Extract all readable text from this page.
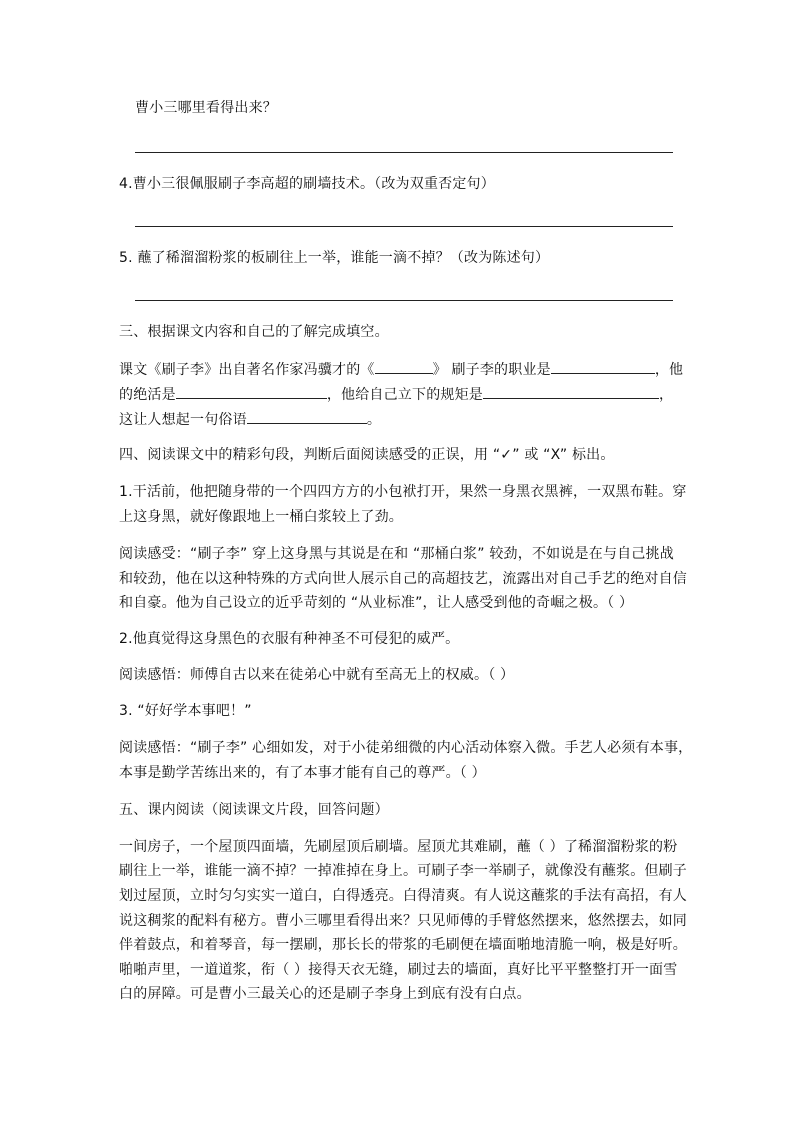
曹小三哪里看得出来？
4.曹小三很佩服刷子李高超的刷墙技术。（改为双重否定句）
5. 蘸了稀溜溜粉浆的板刷往上一举，谁能一滴不掉？（改为陈述句）
三、根据课文内容和自己的了解完成填空。
课文《刷子李》出自著名作家冯骥才的《	》 刷子李的职业是	，他
的绝活是	，他给自己立下的规矩是	，
这让人想起一句俗语	。
四、阅读课文中的精彩句段，判断后面阅读感受的正误，用 “✓” 或 “X” 标出。
1.干活前，他把随身带的一个四四方方的小包袱打开，果然一身黑衣黑裤，一双黑布鞋。穿
上这身黑，就好像跟地上一桶白浆较上了劲。
阅读感受：“刷子李” 穿上这身黑与其说是在和 “那桶白浆” 较劲，不如说是在与自己挑战
和较劲，他在以这种特殊的方式向世人展示自己的高超技艺，流露出对自己手艺的绝对自信
和自豪。他为自己设立的近乎苛刻的 “从业标准”，让人感受到他的奇崛之极。（ ）
2.他真觉得这身黑色的衣服有种神圣不可侵犯的威严。
阅读感悟：师傅自古以来在徒弟心中就有至高无上的权威。（ ）
3. “好好学本事吧！”
阅读感悟：“刷子李” 心细如发，对于小徒弟细微的内心活动体察入微。手艺人必须有本事，
本事是勤学苦练出来的，有了本事才能有自己的尊严。（ ）
五、课内阅读（阅读课文片段，回答问题）
一间房子，一个屋顶四面墙，先刷屋顶后刷墙。屋顶尤其难刷，蘸（ ）了稀溜溜粉浆的粉
刷往上一举，谁能一滴不掉？一掉准掉在身上。可刷子李一举刷子，就像没有蘸浆。但刷子
划过屋顶，立时匀匀实实一道白，白得透亮。白得清爽。有人说这蘸浆的手法有高招，有人
说这稠浆的配料有秘方。曹小三哪里看得出来？只见师傅的手臂悠然摆来，悠然摆去，如同
伴着鼓点，和着琴音，每一摆刷，那长长的带浆的毛刷便在墙面啪地清脆一响，极是好听。
啪啪声里，一道道浆，衔（ ）接得天衣无缝，刷过去的墙面，真好比平平整整打开一面雪
白的屏障。可是曹小三最关心的还是刷子李身上到底有没有白点。
